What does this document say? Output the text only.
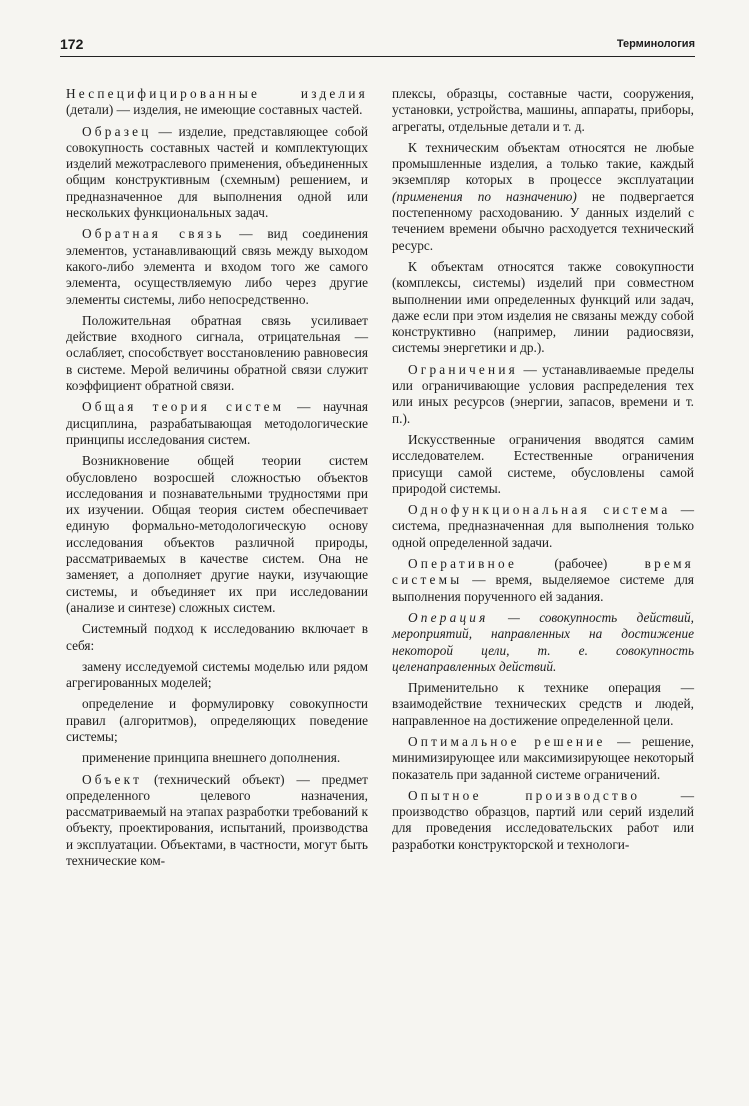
172	Терминология

Неспецифицированные изделия (детали) — изделия, не имеющие составных частей.

Образец — изделие, представляющее собой совокупность составных частей и комплектующих изделий межотраслевого применения, объединенных общим конструктивным (схемным) решением, и предназначенное для выполнения одной или нескольких функциональных задач.

Обратная связь — вид соединения элементов, устанавливающий связь между выходом какого-либо элемента и входом того же самого элемента, осуществляемую либо через другие элементы системы, либо непосредственно.

Положительная обратная связь усиливает действие входного сигнала, отрицательная — ослабляет, способствует восстановлению равновесия в системе. Мерой величины обратной связи служит коэффициент обратной связи.

Общая теория систем — научная дисциплина, разрабатывающая методологические принципы исследования систем.

Возникновение общей теории систем обусловлено возросшей сложностью объектов исследования и познавательными трудностями при их изучении. Общая теория систем обеспечивает единую формально-методологическую основу исследования объектов различной природы, рассматриваемых в качестве систем. Она не заменяет, а дополняет другие науки, изучающие системы, и объединяет их при исследовании (анализе и синтезе) сложных систем.

Системный подход к исследованию включает в себя:

замену исследуемой системы моделью или рядом агрегированных моделей;

определение и формулировку совокупности правил (алгоритмов), определяющих поведение системы;

применение принципа внешнего дополнения.

Объект (технический объект) — предмет определенного целевого назначения, рассматриваемый на этапах разработки требований к объекту, проектирования, испытаний, производства и эксплуатации. Объектами, в частности, могут быть технические ком-

плексы, образцы, составные части, сооружения, установки, устройства, машины, аппараты, приборы, агрегаты, отдельные детали и т. д.

К техническим объектам относятся не любые промышленные изделия, а только такие, каждый экземпляр которых в процессе эксплуатации (применения по назначению) не подвергается постепенному расходованию. У данных изделий с течением времени обычно расходуется технический ресурс.

К объектам относятся также совокупности (комплексы, системы) изделий при совместном выполнении ими определенных функций или задач, даже если при этом изделия не связаны между собой конструктивно (например, линии радиосвязи, системы энергетики и др.).

Ограничения — устанавливаемые пределы или ограничивающие условия распределения тех или иных ресурсов (энергии, запасов, времени и т. п.).

Искусственные ограничения вводятся самим исследователем. Естественные ограничения присущи самой системе, обусловлены самой природой системы.

Однофункциональная система — система, предназначенная для выполнения только одной определенной задачи.

Оперативное (рабочее) время системы — время, выделяемое системе для выполнения порученного ей задания.

Операция — совокупность действий, мероприятий, направленных на достижение некоторой цели, т. е. совокупность целенаправленных действий.

Применительно к технике операция — взаимодействие технических средств и людей, направленное на достижение определенной цели.

Оптимальное решение — решение, минимизирующее или максимизирующее некоторый показатель при заданной системе ограничений.

Опытное производство — производство образцов, партий или серий изделий для проведения исследовательских работ или разработки конструкторской и технологи-
